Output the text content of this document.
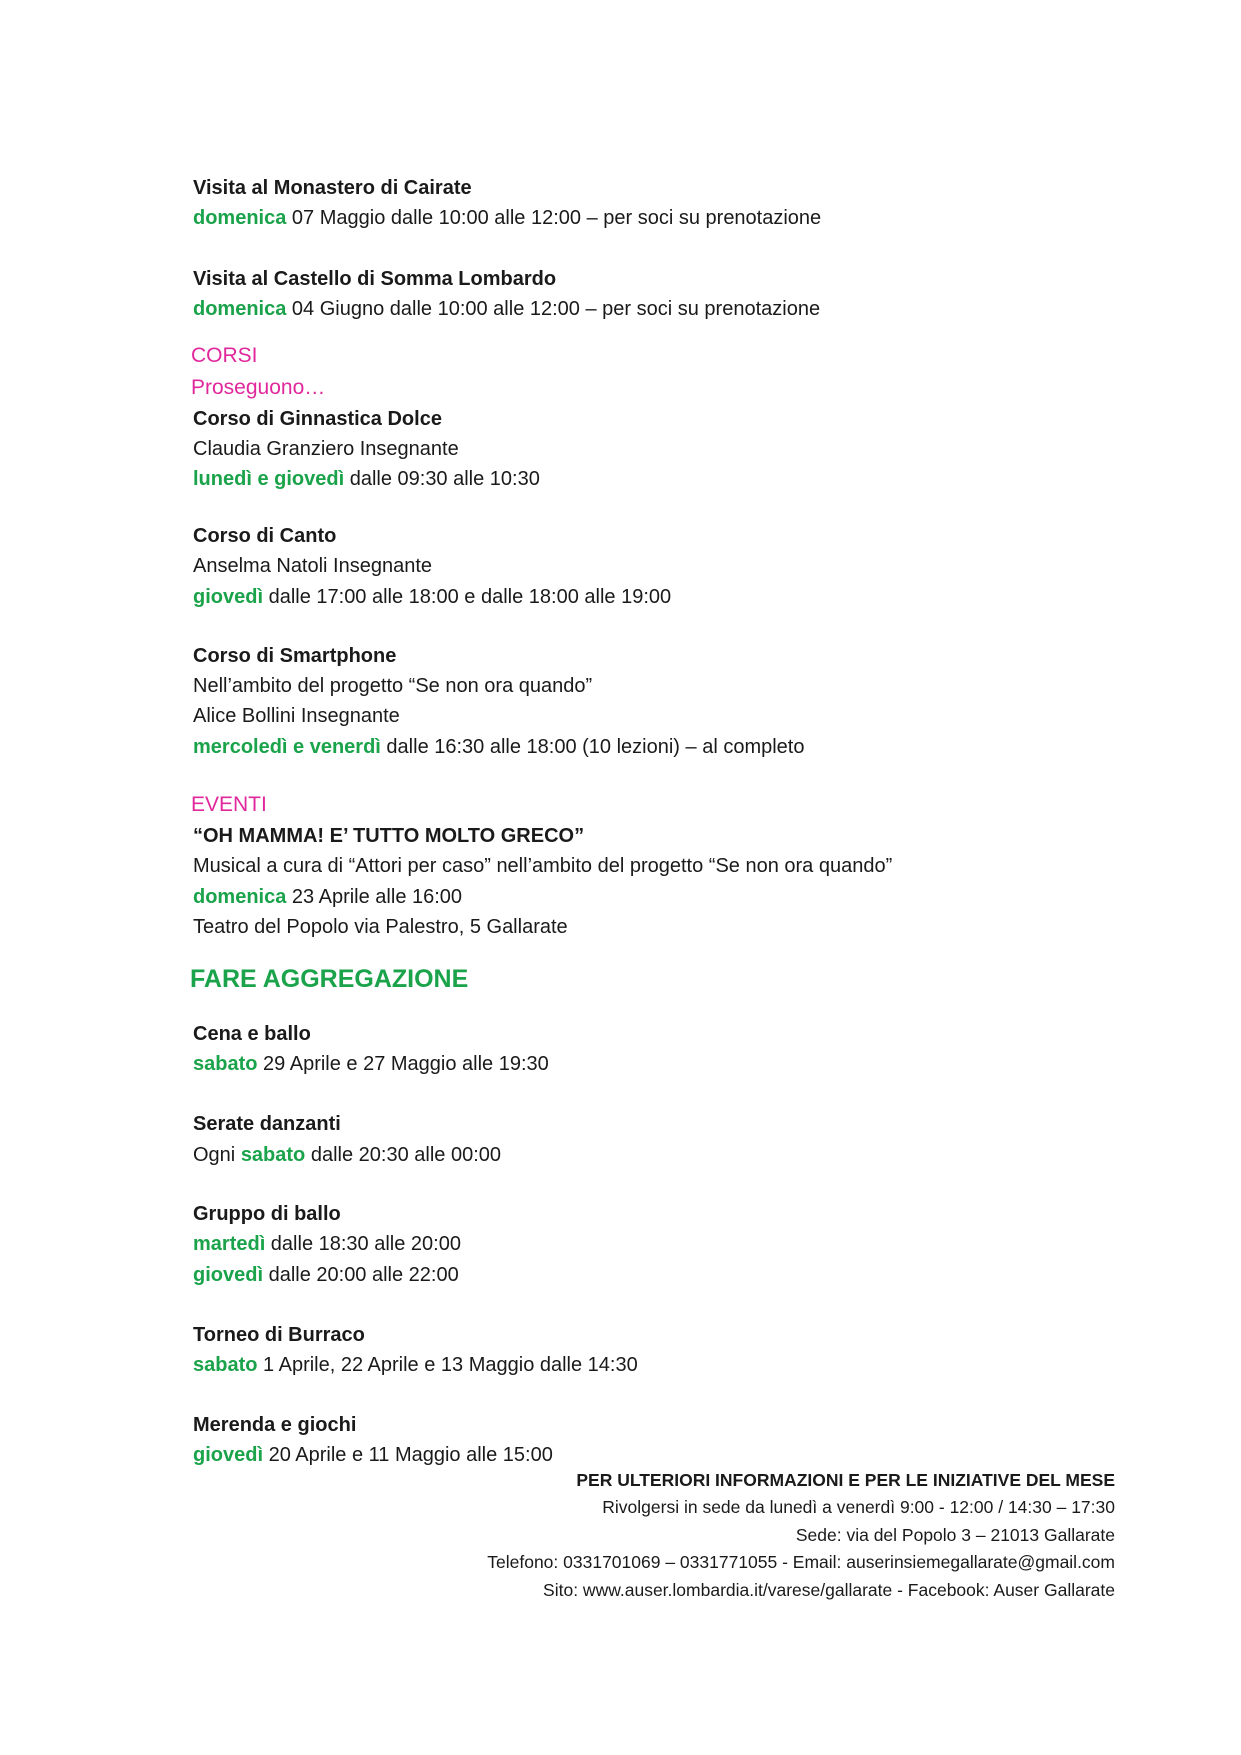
Visita al Monastero di Cairate
domenica 07 Maggio dalle 10:00 alle 12:00 – per soci su prenotazione
Visita al Castello di Somma Lombardo
domenica 04 Giugno dalle 10:00 alle 12:00 – per soci su prenotazione
CORSI
Proseguono…
Corso di Ginnastica Dolce
Claudia Granziero Insegnante
lunedì e giovedì dalle 09:30 alle 10:30
Corso di Canto
Anselma Natoli Insegnante
giovedì dalle 17:00 alle 18:00 e dalle 18:00 alle 19:00
Corso di Smartphone
Nell’ambito del progetto “Se non ora quando”
Alice Bollini Insegnante
mercoledì e venerdì dalle 16:30 alle 18:00 (10 lezioni) – al completo
EVENTI
“OH MAMMA! E’ TUTTO MOLTO GRECO”
Musical a cura di “Attori per caso” nell’ambito del progetto “Se non ora quando”
domenica 23 Aprile alle 16:00
Teatro del Popolo via Palestro, 5 Gallarate
FARE AGGREGAZIONE
Cena e ballo
sabato 29 Aprile e 27 Maggio alle 19:30
Serate danzanti
Ogni sabato dalle 20:30 alle 00:00
Gruppo di ballo
martedì dalle 18:30 alle 20:00
giovedì dalle 20:00 alle 22:00
Torneo di Burraco
sabato 1 Aprile, 22 Aprile e 13 Maggio dalle 14:30
Merenda e giochi
giovedì 20 Aprile e 11 Maggio alle 15:00
PER ULTERIORI INFORMAZIONI E PER LE INIZIATIVE DEL MESE
Rivolgersi in sede da lunedì a venerdì 9:00 - 12:00 / 14:30 – 17:30
Sede: via del Popolo 3 – 21013 Gallarate
Telefono: 0331701069 – 0331771055 - Email: auserinsiemegallarate@gmail.com
Sito: www.auser.lombardia.it/varese/gallarate - Facebook: Auser Gallarate
